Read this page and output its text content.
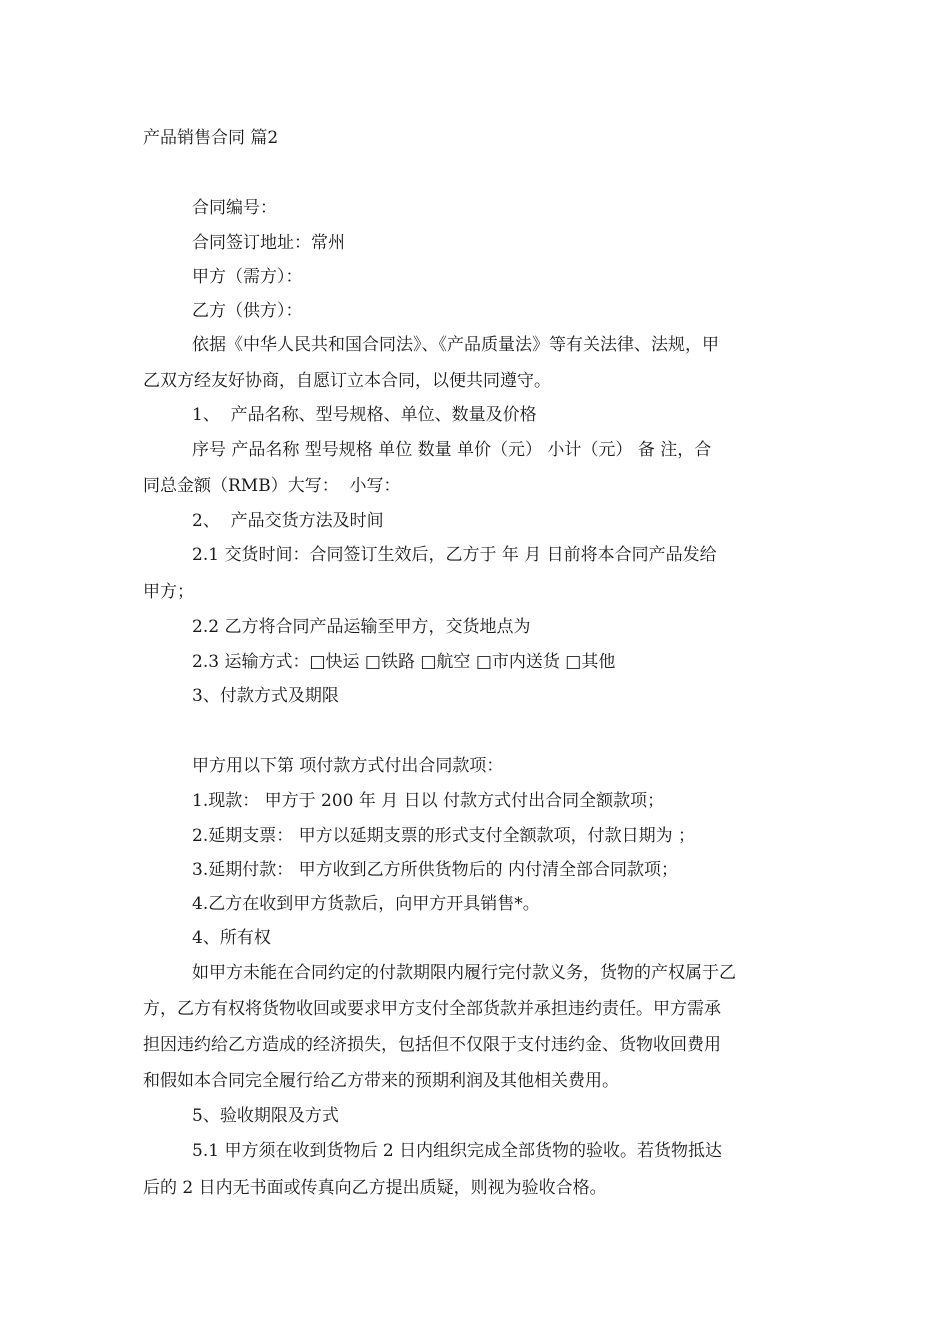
产品销售合同 篇2
合同编号：
合同签订地址：常州
甲方（需方）：
乙方（供方）：
依据《中华人民共和国合同法》、《产品质量法》等有关法律、法规，甲
乙双方经友好协商，自愿订立本合同，以便共同遵守。
1、  产品名称、型号规格、单位、数量及价格
序号 产品名称 型号规格 单位 数量 单价（元） 小计（元） 备 注，合
同总金额（RMB）大写：  小写：
2、  产品交货方法及时间
2.1 交货时间：合同签订生效后，乙方于 年 月 日前将本合同产品发给
甲方；
2.2 乙方将合同产品运输至甲方，交货地点为
2.3 运输方式：□快运 □铁路 □航空 □市内送货 □其他
3、付款方式及期限
甲方用以下第 项付款方式付出合同款项：
1.现款： 甲方于 200 年 月 日以 付款方式付出合同全额款项；
2.延期支票： 甲方以延期支票的形式支付全额款项，付款日期为 ；
3.延期付款： 甲方收到乙方所供货物后的 内付清全部合同款项；
4.乙方在收到甲方货款后，向甲方开具销售*。
4、所有权
如甲方未能在合同约定的付款期限内履行完付款义务，货物的产权属于乙
方，乙方有权将货物收回或要求甲方支付全部货款并承担违约责任。甲方需承
担因违约给乙方造成的经济损失，包括但不仅限于支付违约金、货物收回费用
和假如本合同完全履行给乙方带来的预期利润及其他相关费用。
5、验收期限及方式
5.1 甲方须在收到货物后 2 日内组织完成全部货物的验收。若货物抵达
后的 2 日内无书面或传真向乙方提出质疑，则视为验收合格。
